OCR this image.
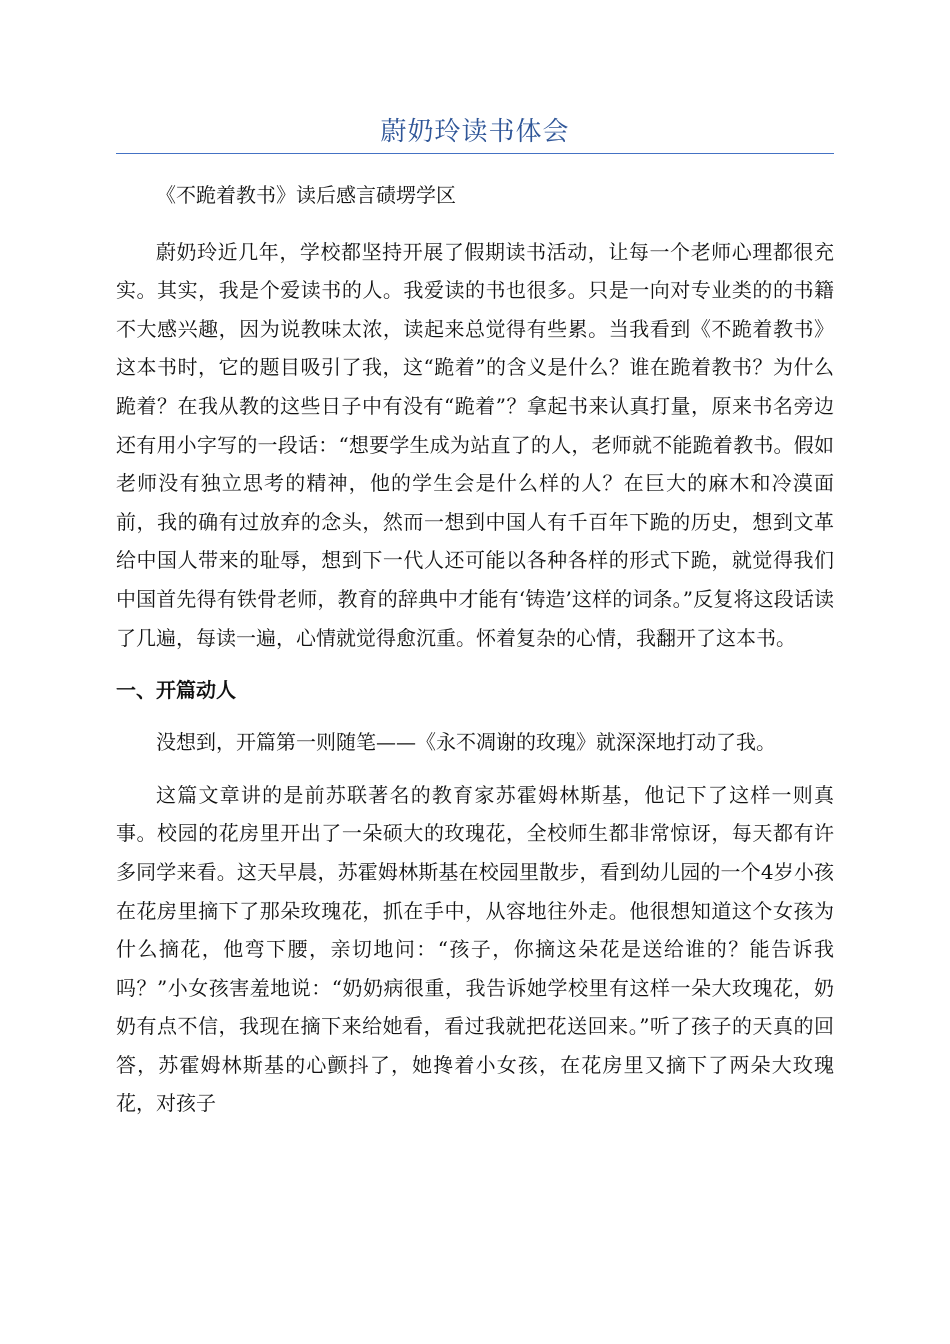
蔚奶玲读书体会

《不跪着教书》读后感言碛塄学区

蔚奶玲近几年，学校都坚持开展了假期读书活动，让每一个老师心理都很充实。其实，我是个爱读书的人。我爱读的书也很多。只是一向对专业类的的书籍不大感兴趣，因为说教味太浓，读起来总觉得有些累。当我看到《不跪着教书》这本书时，它的题目吸引了我，这“跪着”的含义是什么？谁在跪着教书？为什么跪着？在我从教的这些日子中有没有“跪着”？拿起书来认真打量，原来书名旁边还有用小字写的一段话：“想要学生成为站直了的人，老师就不能跪着教书。假如老师没有独立思考的精神，他的学生会是什么样的人？在巨大的麻木和冷漠面前，我的确有过放弃的念头，然而一想到中国人有千百年下跪的历史，想到文革给中国人带来的耻辱，想到下一代人还可能以各种各样的形式下跪，就觉得我们中国首先得有铁骨老师，教育的辞典中才能有‘铸造’这样的词条。”反复将这段话读了几遍，每读一遍，心情就觉得愈沉重。怀着复杂的心情，我翻开了这本书。

一、开篇动人

没想到，开篇第一则随笔——《永不凋谢的玫瑰》就深深地打动了我。

这篇文章讲的是前苏联著名的教育家苏霍姆林斯基，他记下了这样一则真事。校园的花房里开出了一朵硕大的玫瑰花，全校师生都非常惊讶，每天都有许多同学来看。这天早晨，苏霍姆林斯基在校园里散步，看到幼儿园的一个4岁小孩在花房里摘下了那朵玫瑰花，抓在手中，从容地往外走。他很想知道这个女孩为什么摘花，他弯下腰，亲切地问：“孩子，你摘这朵花是送给谁的？能告诉我吗？”小女孩害羞地说：“奶奶病很重，我告诉她学校里有这样一朵大玫瑰花，奶奶有点不信，我现在摘下来给她看，看过我就把花送回来。”听了孩子的天真的回答，苏霍姆林斯基的心颤抖了，她搀着小女孩，在花房里又摘下了两朵大玫瑰花，对孩子
